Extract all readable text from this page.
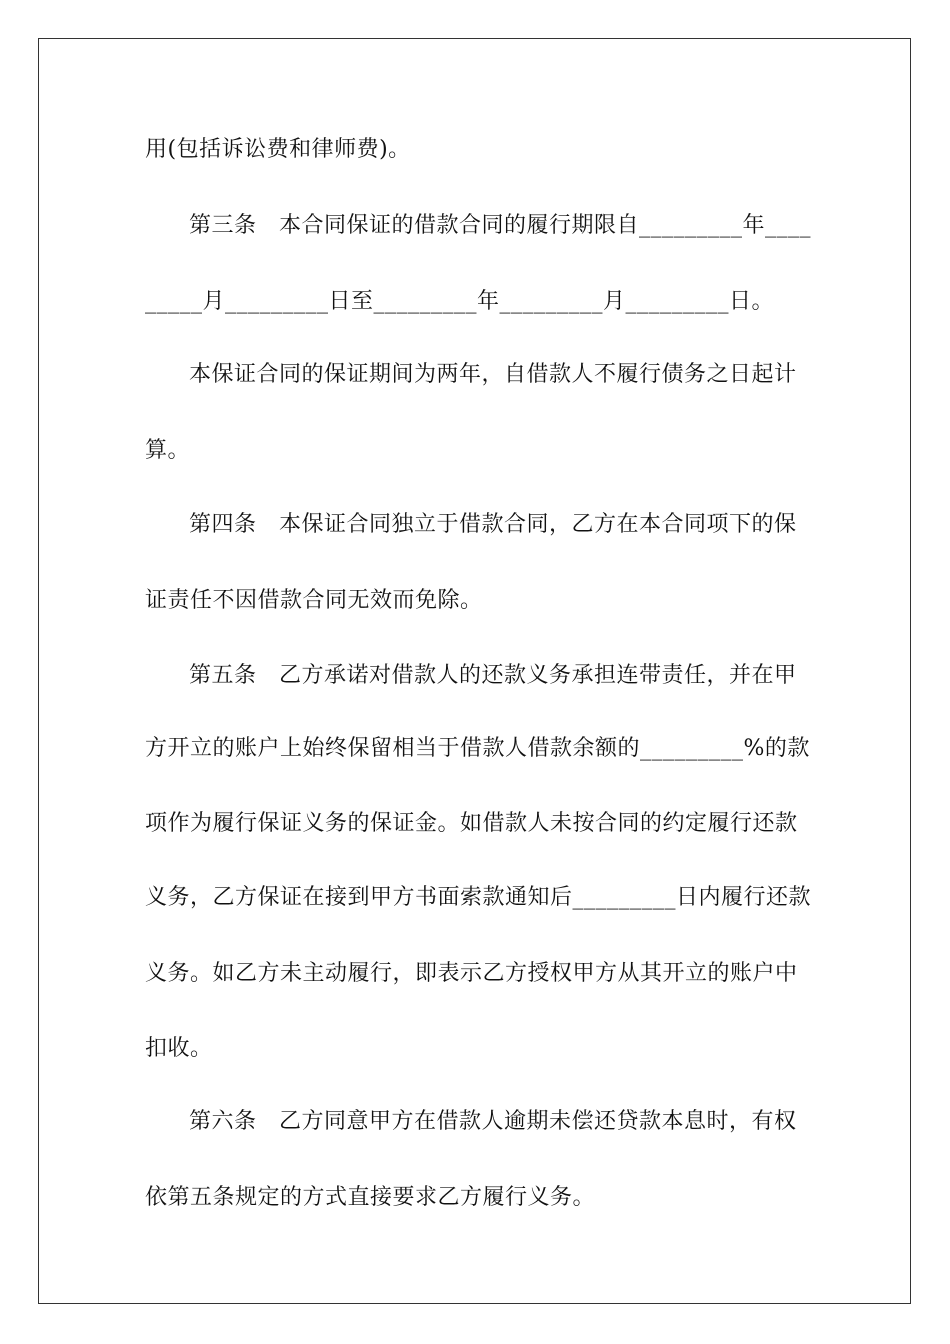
用(包括诉讼费和律师费)。
第三条　本合同保证的借款合同的履行期限自_________年____
_____月_________日至_________年_________月_________日。
本保证合同的保证期间为两年，自借款人不履行债务之日起计
算。
第四条　本保证合同独立于借款合同，乙方在本合同项下的保
证责任不因借款合同无效而免除。
第五条　乙方承诺对借款人的还款义务承担连带责任，并在甲
方开立的账户上始终保留相当于借款人借款余额的_________%的款
项作为履行保证义务的保证金。如借款人未按合同的约定履行还款
义务，乙方保证在接到甲方书面索款通知后_________日内履行还款
义务。如乙方未主动履行，即表示乙方授权甲方从其开立的账户中
扣收。
第六条　乙方同意甲方在借款人逾期未偿还贷款本息时，有权
依第五条规定的方式直接要求乙方履行义务。
